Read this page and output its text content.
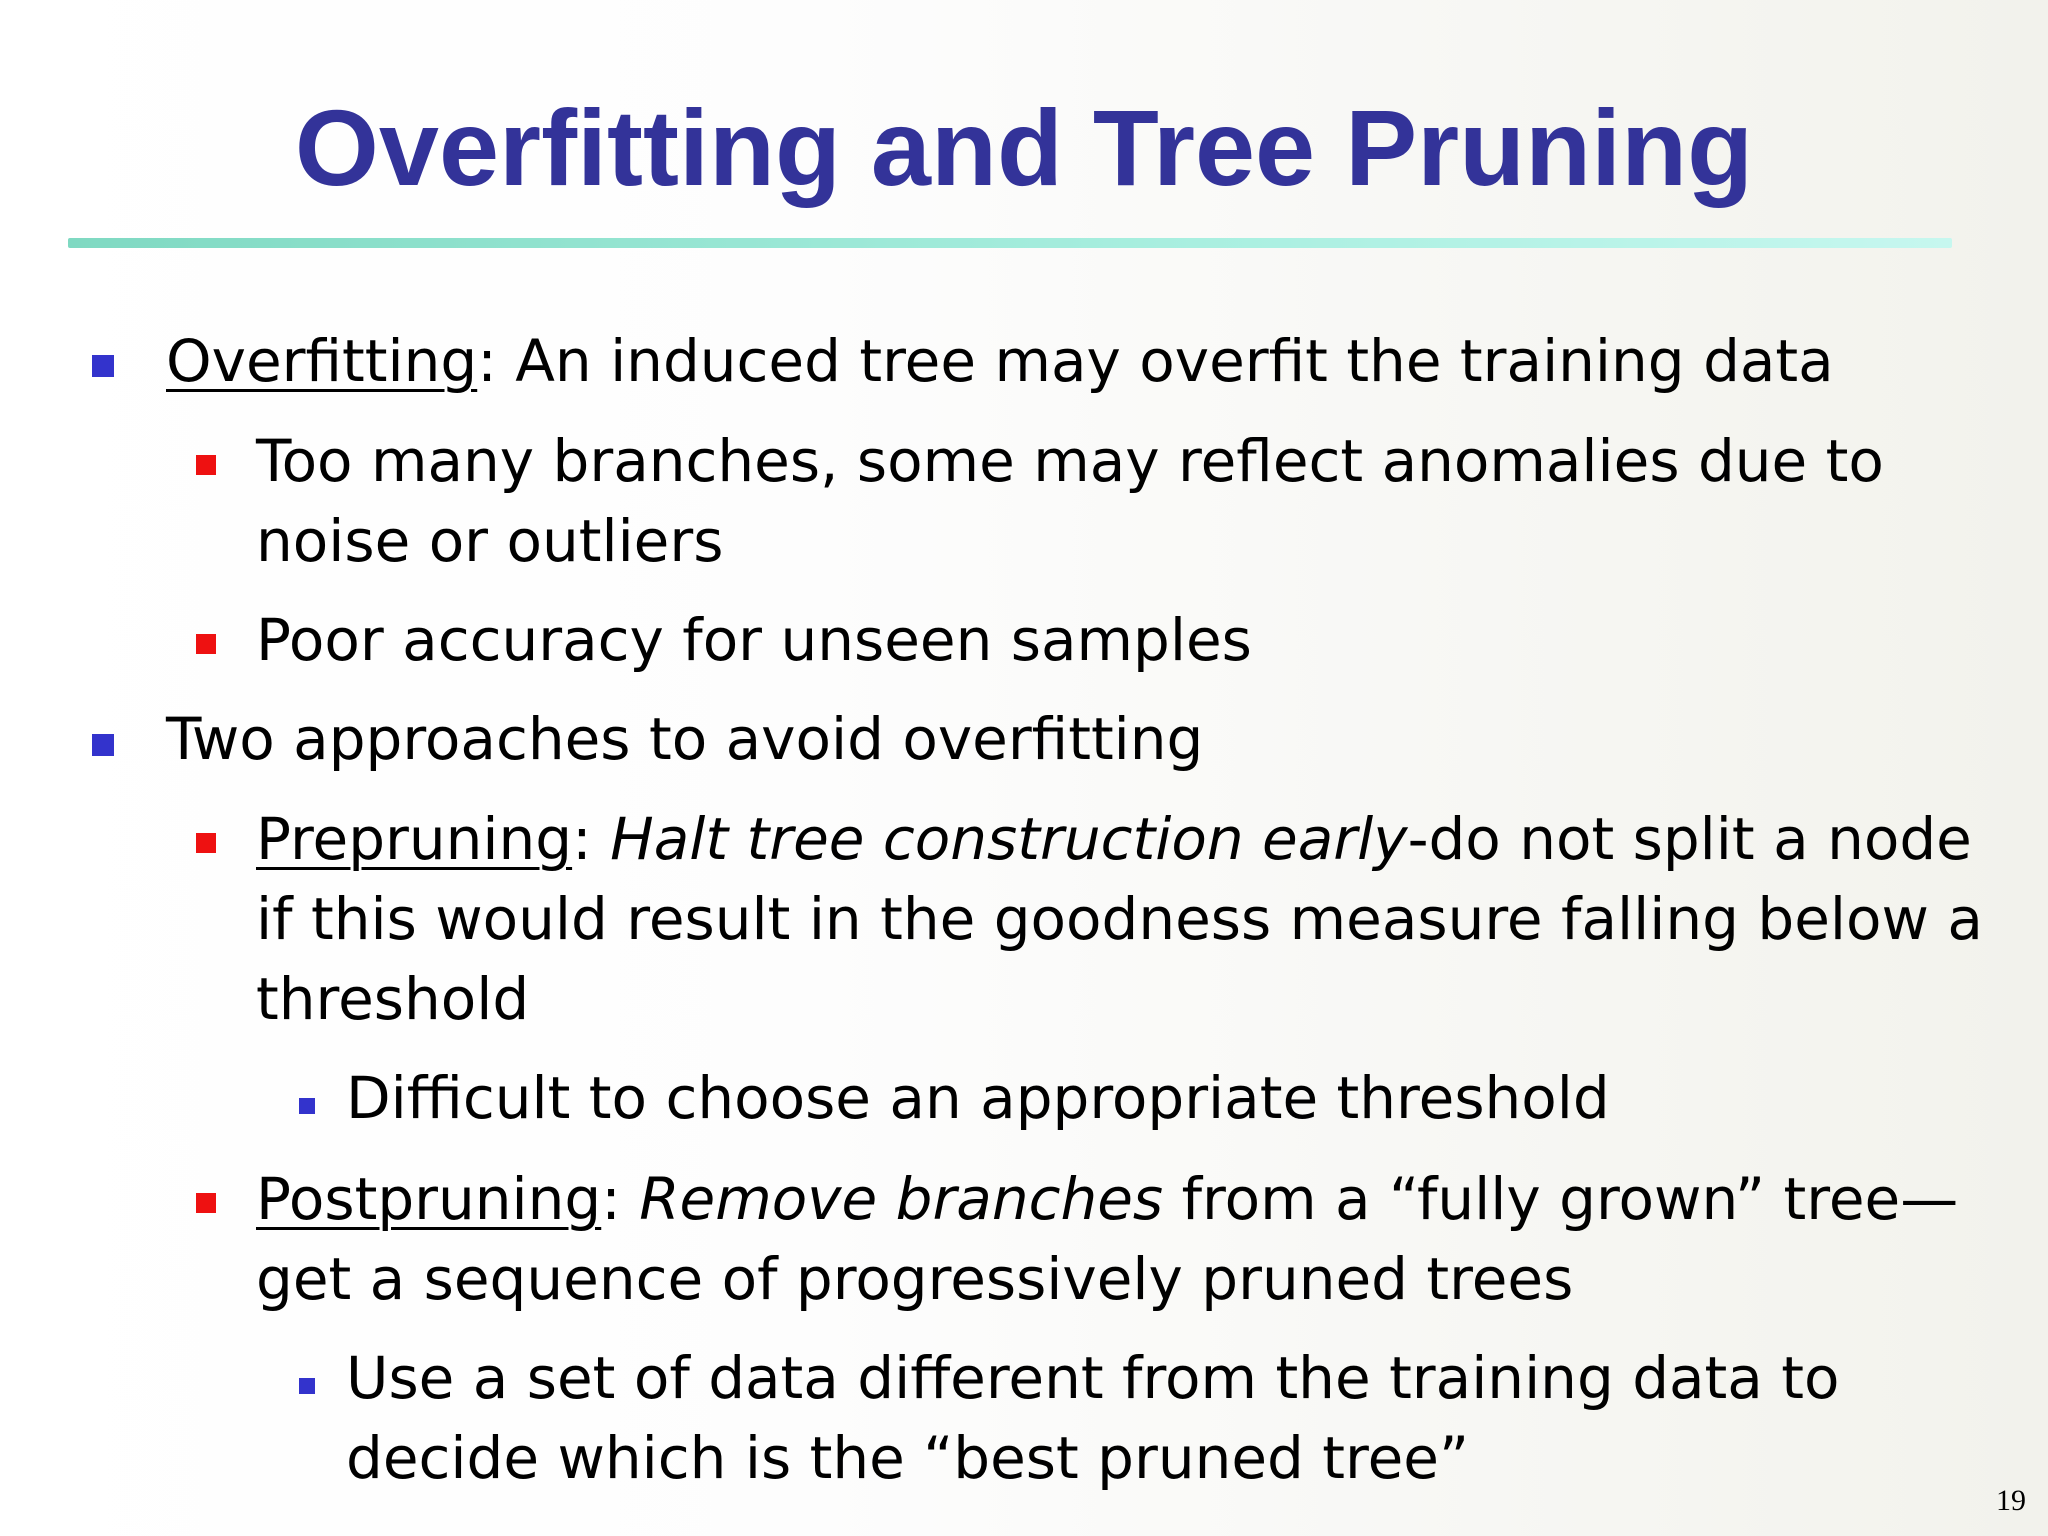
Overfitting and Tree Pruning
Overfitting: An induced tree may overfit the training data
Too many branches, some may reflect anomalies due to
noise or outliers
Poor accuracy for unseen samples
Two approaches to avoid overfitting
Prepruning: Halt tree construction early-do not split a node
if this would result in the goodness measure falling below a
threshold
Difficult to choose an appropriate threshold
Postpruning: Remove branches from a “fully grown” tree—
get a sequence of progressively pruned trees
Use a set of data different from the training data to
decide which is the “best pruned tree”
19
